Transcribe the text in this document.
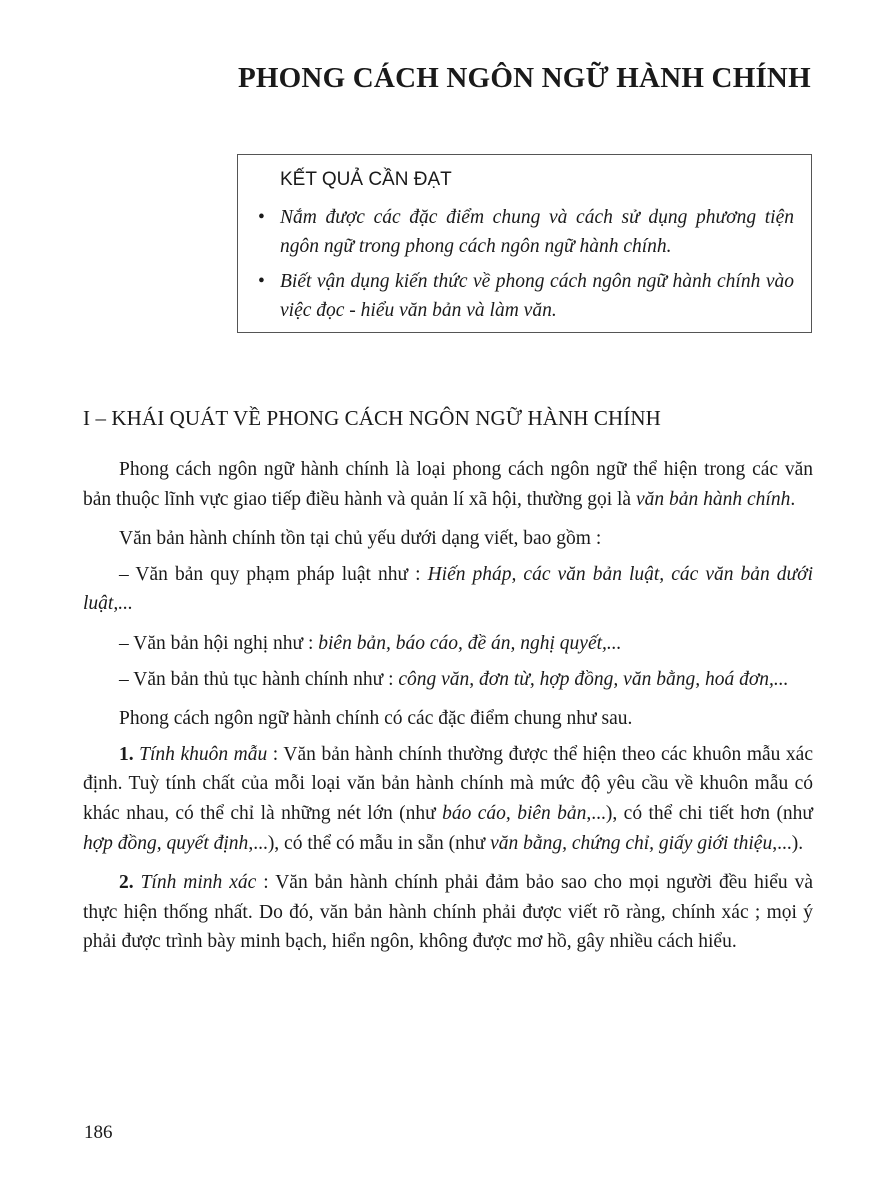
PHONG CÁCH NGÔN NGỮ HÀNH CHÍNH
KẾT QUẢ CẦN ĐẠT
• Nắm được các đặc điểm chung và cách sử dụng phương tiện ngôn ngữ trong phong cách ngôn ngữ hành chính.
• Biết vận dụng kiến thức về phong cách ngôn ngữ hành chính vào việc đọc - hiểu văn bản và làm văn.
I – KHÁI QUÁT VỀ PHONG CÁCH NGÔN NGỮ HÀNH CHÍNH

Phong cách ngôn ngữ hành chính là loại phong cách ngôn ngữ thể hiện trong các văn bản thuộc lĩnh vực giao tiếp điều hành và quản lí xã hội, thường gọi là văn bản hành chính.

Văn bản hành chính tồn tại chủ yếu dưới dạng viết, bao gồm :

– Văn bản quy phạm pháp luật như : Hiến pháp, các văn bản luật, các văn bản dưới luật,...

– Văn bản hội nghị như : biên bản, báo cáo, đề án, nghị quyết,...

– Văn bản thủ tục hành chính như : công văn, đơn từ, hợp đồng, văn bằng, hoá đơn,...

Phong cách ngôn ngữ hành chính có các đặc điểm chung như sau.

1. Tính khuôn mẫu : Văn bản hành chính thường được thể hiện theo các khuôn mẫu xác định. Tuỳ tính chất của mỗi loại văn bản hành chính mà mức độ yêu cầu về khuôn mẫu có khác nhau, có thể chỉ là những nét lớn (như báo cáo, biên bản,...), có thể chi tiết hơn (như hợp đồng, quyết định,...), có thể có mẫu in sẵn (như văn bằng, chứng chỉ, giấy giới thiệu,...).

2. Tính minh xác : Văn bản hành chính phải đảm bảo sao cho mọi người đều hiểu và thực hiện thống nhất. Do đó, văn bản hành chính phải được viết rõ ràng, chính xác ; mọi ý phải được trình bày minh bạch, hiển ngôn, không được mơ hồ, gây nhiều cách hiểu.

186
